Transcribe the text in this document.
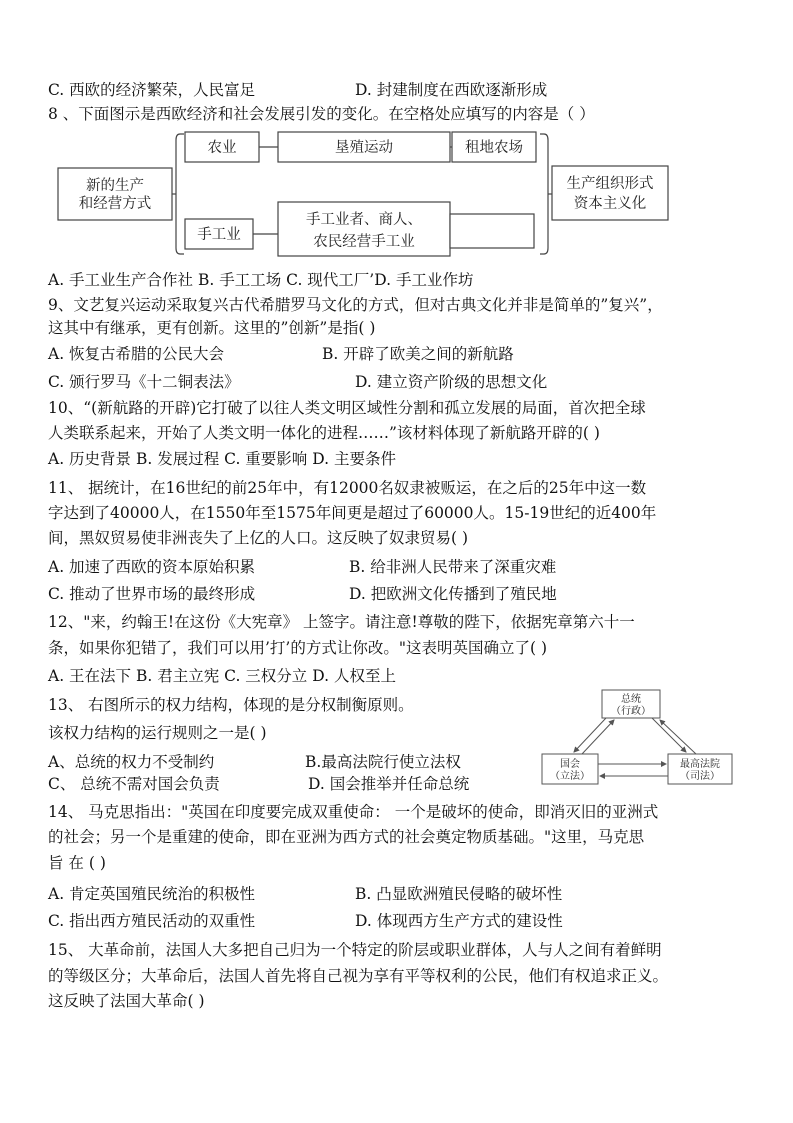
C. 西欧的经济繁荣，人民富足	D. 封建制度在西欧逐渐形成
8 、下面图示是西欧经济和社会发展引发的变化。在空格处应填写的内容是（ ）
新的生产
和经营方式
农业	垦殖运动	租地农场
手工业
手工业者、商人、
农民经营手工业
生产组织形式
资本主义化
A. 手工业生产合作社 B. 手工工场 C. 现代工厂’D. 手工业作坊
9、文艺复兴运动采取复兴古代希腊罗马文化的方式，但对古典文化并非是简单的”复兴”，
这其中有继承，更有创新。这里的”创新”是指( )
A. 恢复古希腊的公民大会	B. 开辟了欧美之间的新航路
C. 颁行罗马《十二铜表法》	D. 建立资产阶级的思想文化
10、“(新航路的开辟)它打破了以往人类文明区域性分割和孤立发展的局面，首次把全球
人类联系起来，开始了人类文明一体化的进程……”该材料体现了新航路开辟的( )
A. 历史背景 B. 发展过程 C. 重要影响 D. 主要条件
11、 据统计，在16世纪的前25年中，有12000名奴隶被贩运，在之后的25年中这一数
字达到了40000人，在1550年至1575年间更是超过了60000人。15-19世纪的近400年
间，黑奴贸易使非洲丧失了上亿的人口。这反映了奴隶贸易( )
A. 加速了西欧的资本原始积累	B. 给非洲人民带来了深重灾难
C. 推动了世界市场的最终形成	D. 把欧洲文化传播到了殖民地
12、"来，约翰王!在这份《大宪章》 上签字。请注意!尊敬的陛下，依据宪章第六十一
条，如果你犯错了，我们可以用’打’的方式让你改。"这表明英国确立了( )
A. 王在法下 B. 君主立宪 C. 三权分立 D. 人权至上
13、 右图所示的权力结构，体现的是分权制衡原则。
该权力结构的运行规则之一是( )
A、总统的权力不受制约	B.最高法院行使立法权
C、 总统不需对国会负责	D. 国会推举并任命总统
总统
（行政）
国会
（立法）
最高法院
（司法）
14、 马克思指出："英国在印度要完成双重使命： 一个是破坏的使命，即消灭旧的亚洲式
的社会；另一个是重建的使命，即在亚洲为西方式的社会奠定物质基础。"这里，马克思
旨 在 ( )
A. 肯定英国殖民统治的积极性	B. 凸显欧洲殖民侵略的破坏性
C. 指出西方殖民活动的双重性	D. 体现西方生产方式的建设性
15、 大革命前，法国人大多把自己归为一个特定的阶层或职业群体，人与人之间有着鲜明
的等级区分；大革命后，法国人首先将自己视为享有平等权利的公民，他们有权追求正义。
这反映了法国大革命( )
